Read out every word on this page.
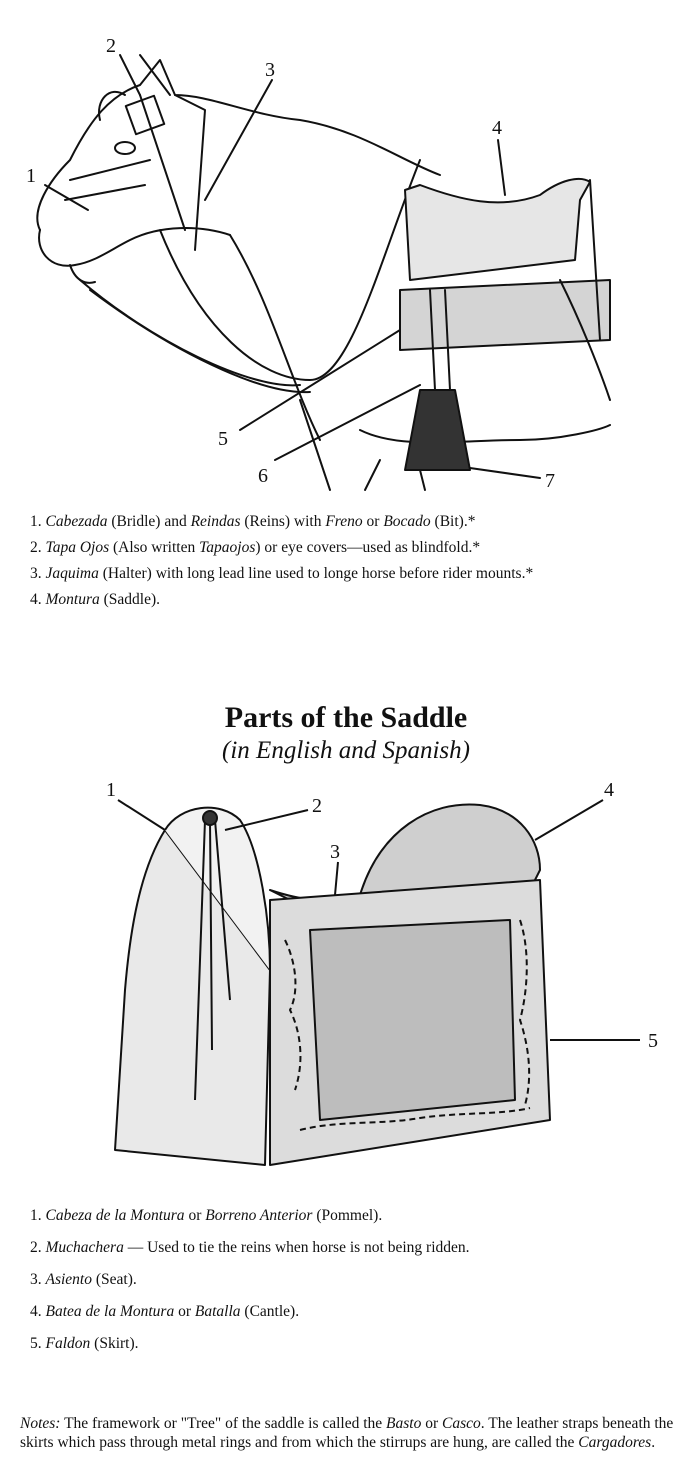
1
2
3
4
5
6	7
1. Cabezada (Bridle) and Reindas (Reins) with Freno or Bocado (Bit).*
2. Tapa Ojos (Also written Tapaojos) or eye covers—used as blindfold.*
3. Jaquima (Halter) with long lead line used to longe horse before rider mounts.*
4. Montura (Saddle).

Parts of the Saddle

(in English and Spanish)

1
2
3
4
5
1. Cabeza de la Montura or Borreno Anterior (Pommel).
2. Muchachera — Used to tie the reins when horse is not being ridden.
3. Asiento (Seat).
4. Batea de la Montura or Batalla (Cantle).
5. Faldon (Skirt).
Notes: The framework or "Tree" of the saddle is called the Basto or Casco. The leather straps beneath the skirts which pass through metal rings and from which the stirrups are hung, are called the Cargadores.
